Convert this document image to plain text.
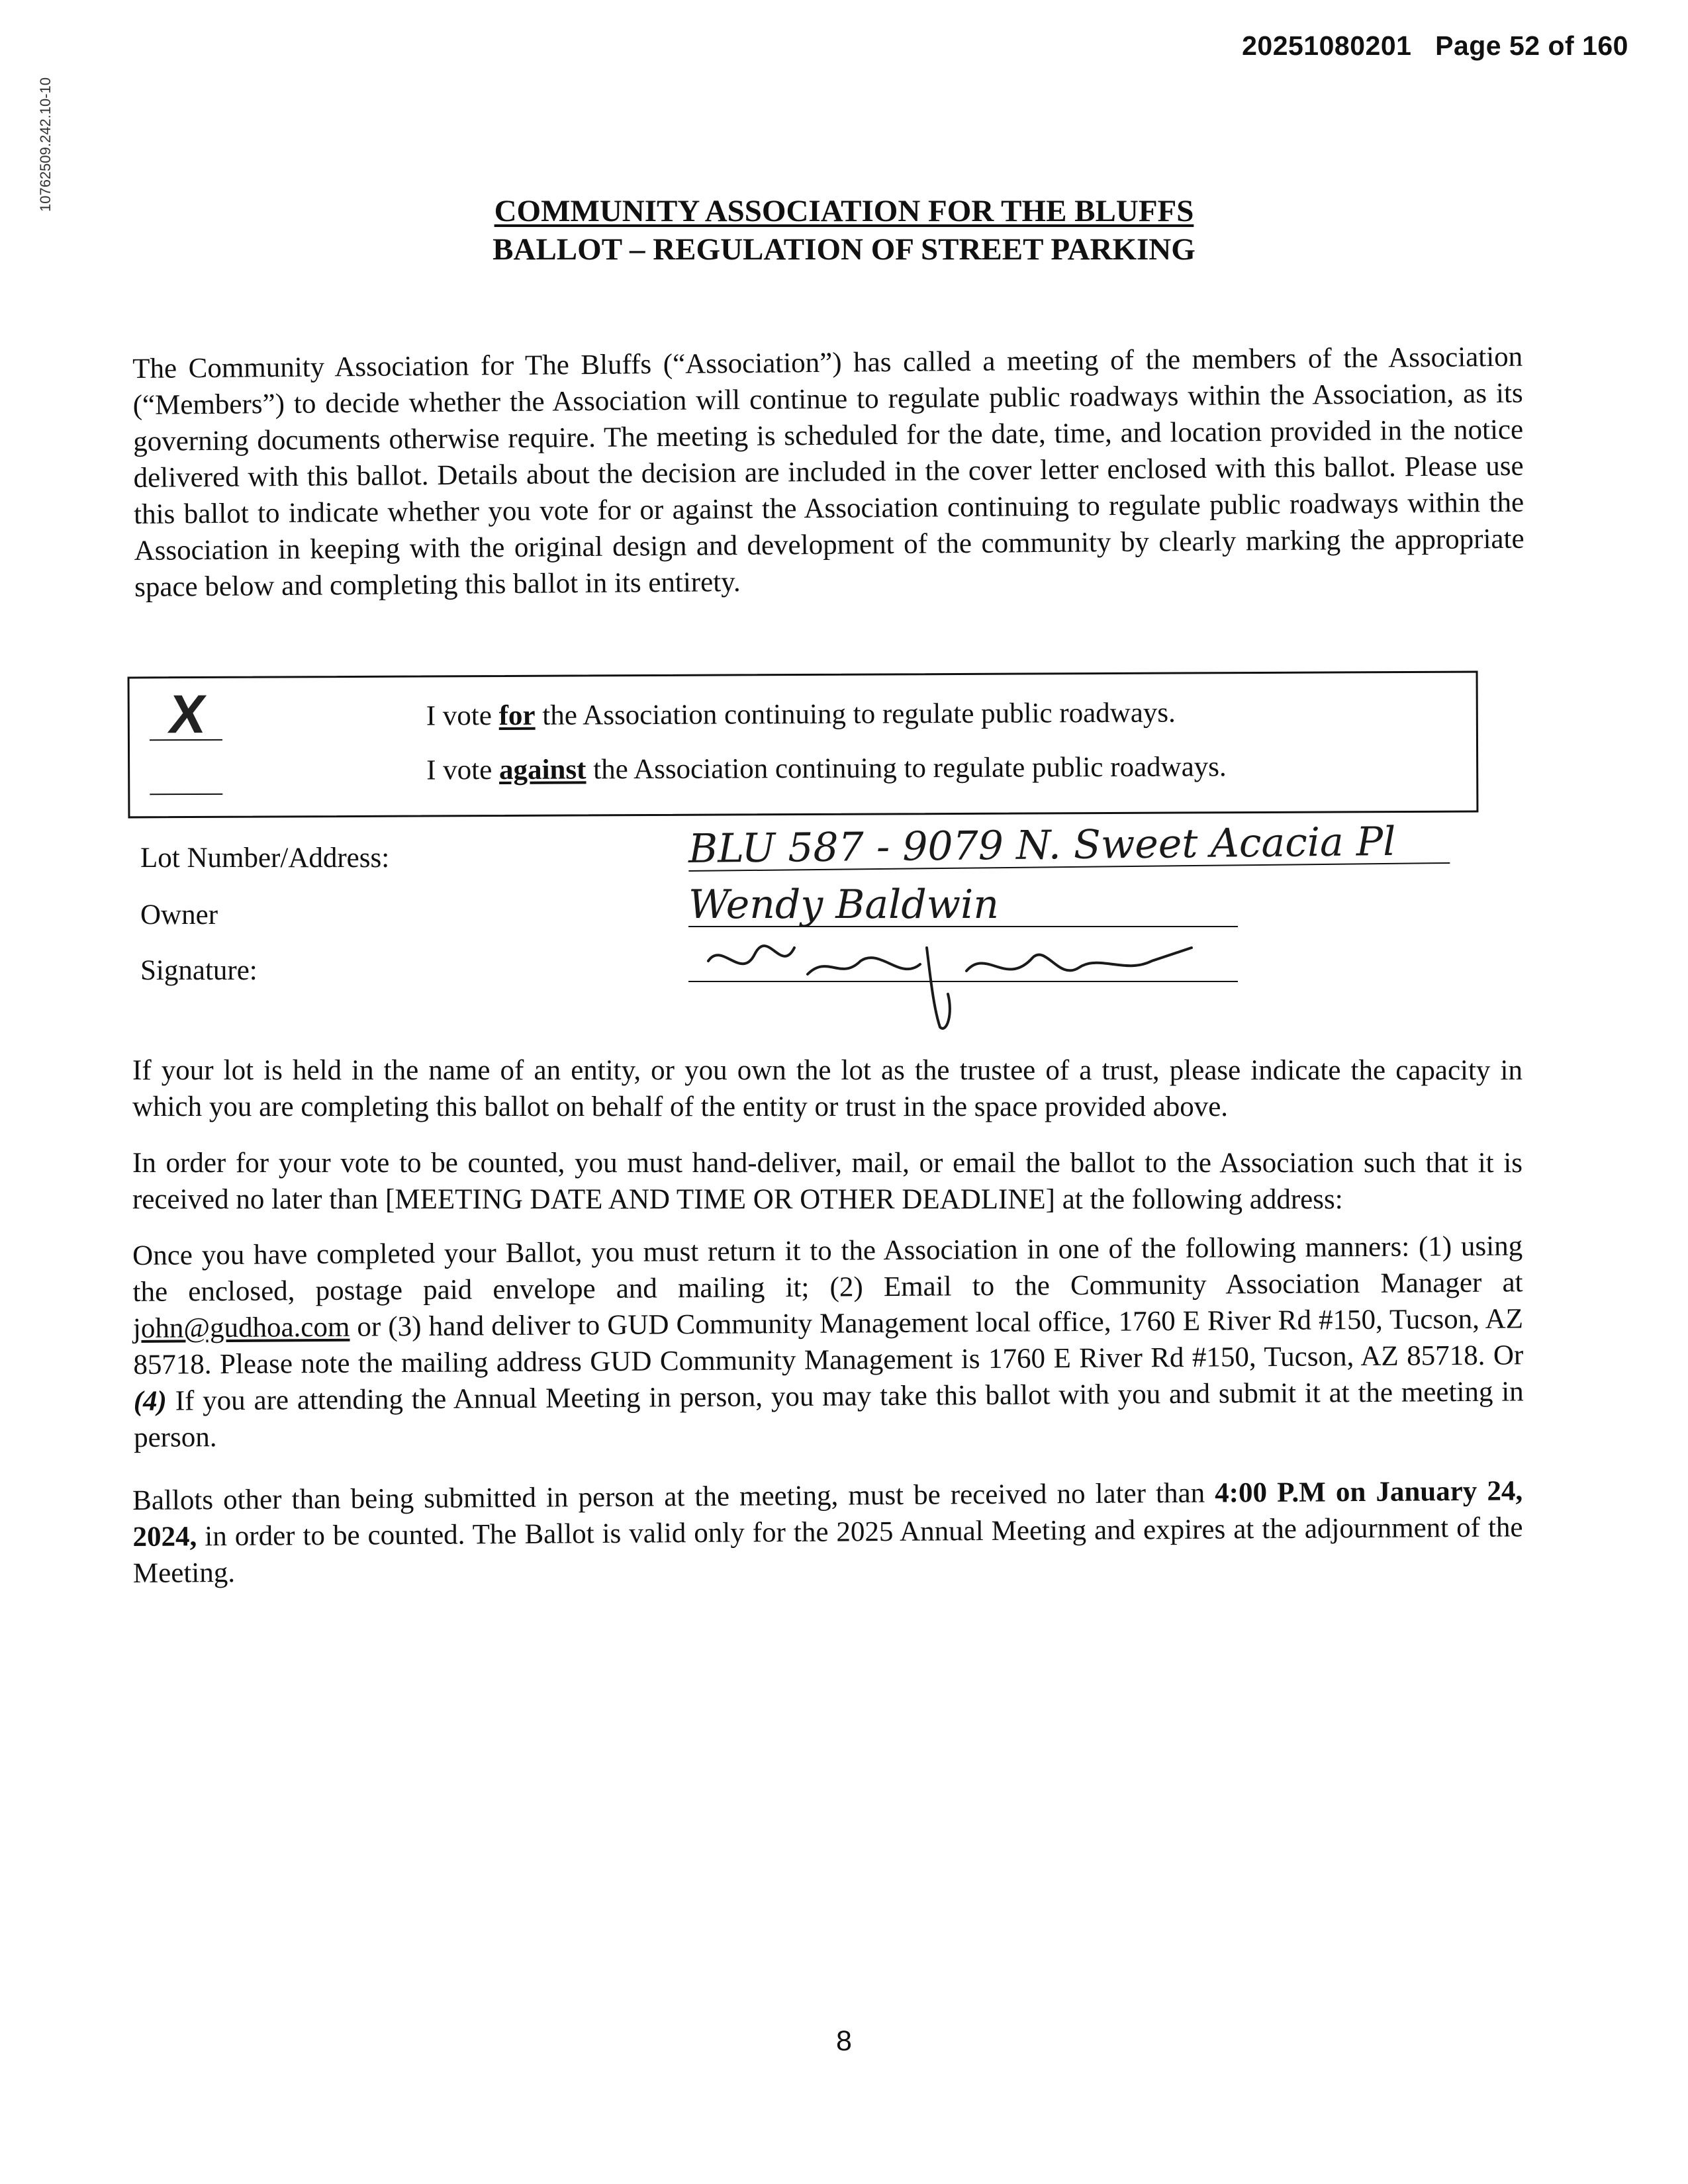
20251080201 Page 52 of 160
10762509.242.10-10	COMMUNITY ASSOCIATION FOR THE BLUFFS
BALLOT – REGULATION OF STREET PARKING
The Community Association for The Bluffs (“Association”) has called a meeting of the members of the Association (“Members”) to decide whether the Association will continue to regulate public roadways within the Association, as its governing documents otherwise require. The meeting is scheduled for the date, time, and location provided in the notice delivered with this ballot. Details about the decision are included in the cover letter enclosed with this ballot. Please use this ballot to indicate whether you vote for or against the Association continuing to regulate public roadways within the Association in keeping with the original design and development of the community by clearly marking the appropriate space below and completing this ballot in its entirety.
X	I vote for the Association continuing to regulate public roadways.
I vote against the Association continuing to regulate public roadways.
Lot Number/Address:	BLU 587 - 9079 N. Sweet Acacia Pl
Owner	Wendy Baldwin
Signature:
If your lot is held in the name of an entity, or you own the lot as the trustee of a trust, please indicate the capacity in which you are completing this ballot on behalf of the entity or trust in the space provided above.
In order for your vote to be counted, you must hand-deliver, mail, or email the ballot to the Association such that it is received no later than [MEETING DATE AND TIME OR OTHER DEADLINE] at the following address:
Once you have completed your Ballot, you must return it to the Association in one of the following manners: (1) using the enclosed, postage paid envelope and mailing it; (2) Email to the Community Association Manager at john@gudhoa.com or (3) hand deliver to GUD Community Management local office, 1760 E River Rd #150, Tucson, AZ 85718. Please note the mailing address GUD Community Management is 1760 E River Rd #150, Tucson, AZ 85718. Or (4) If you are attending the Annual Meeting in person, you may take this ballot with you and submit it at the meeting in person.
Ballots other than being submitted in person at the meeting, must be received no later than 4:00 P.M on January 24, 2024, in order to be counted. The Ballot is valid only for the 2025 Annual Meeting and expires at the adjournment of the Meeting.
8
